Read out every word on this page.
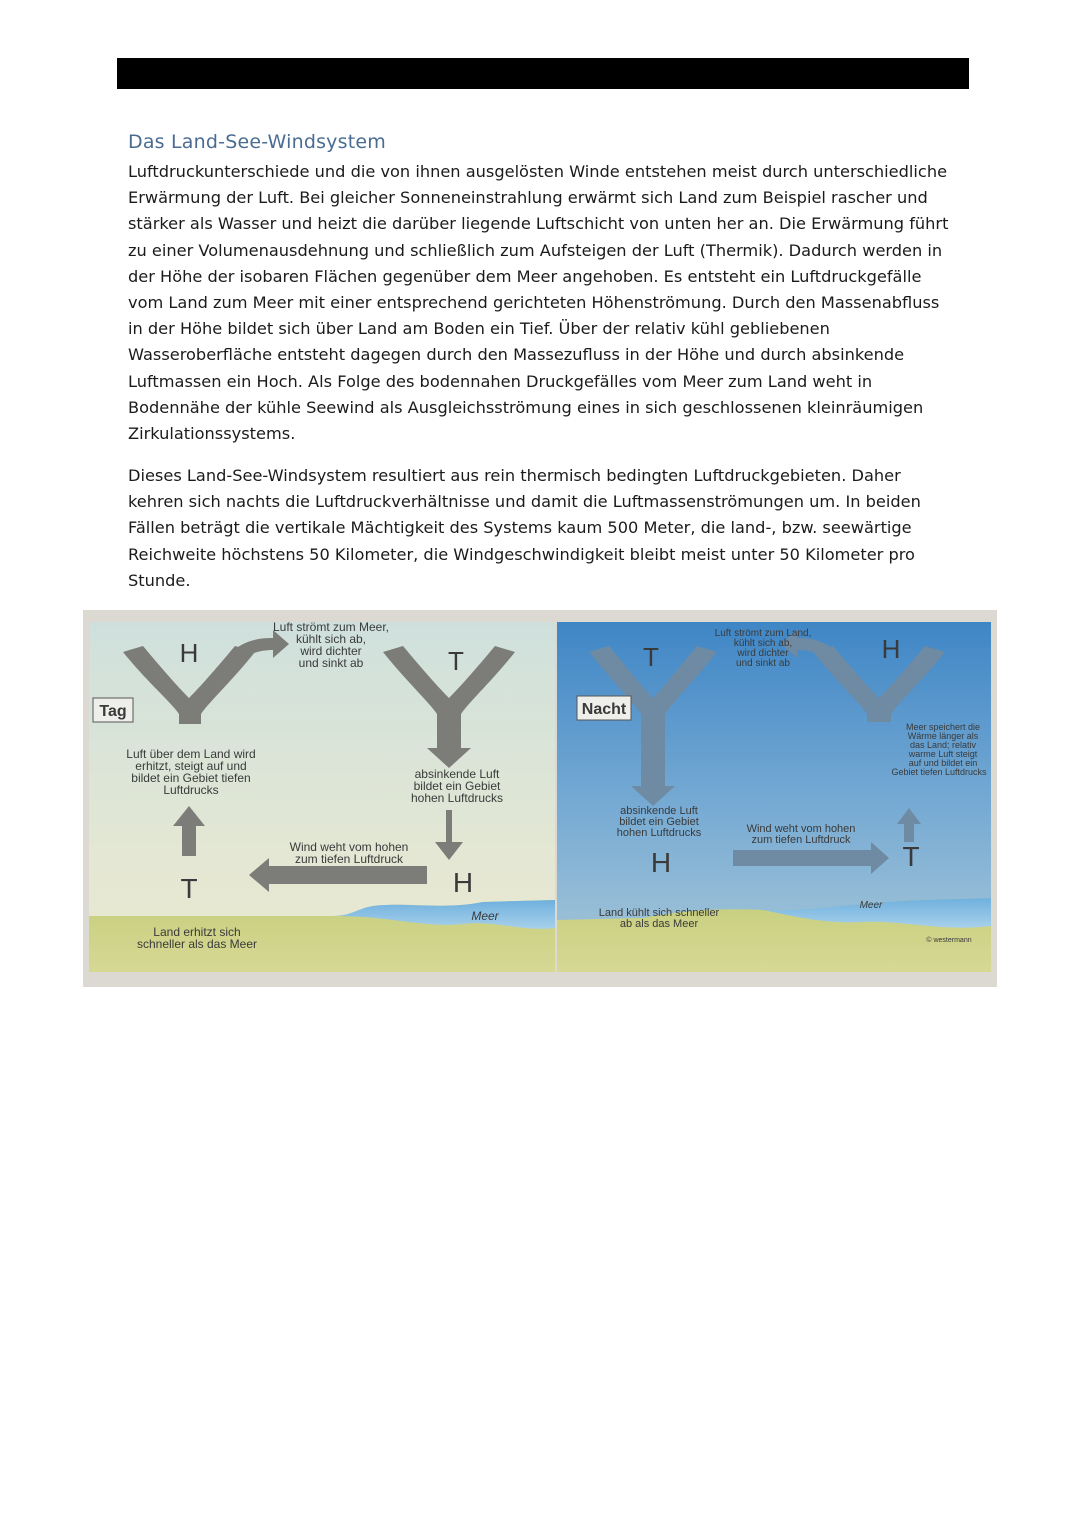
Das Land-See-Windsystem

Luftdruckunterschiede und die von ihnen ausgelösten Winde entstehen meist durch unterschiedliche Erwärmung der Luft. Bei gleicher Sonneneinstrahlung erwärmt sich Land zum Beispiel rascher und stärker als Wasser und heizt die darüber liegende Luftschicht von unten her an. Die Erwärmung führt zu einer Volumenausdehnung und schließlich zum Aufsteigen der Luft (Thermik). Dadurch werden in der Höhe der isobaren Flächen gegenüber dem Meer angehoben. Es entsteht ein Luftdruckgefälle vom Land zum Meer mit einer entsprechend gerichteten Höhenströmung. Durch den Massenabfluss in der Höhe bildet sich über Land am Boden ein Tief. Über der relativ kühl gebliebenen Wasseroberfläche entsteht dagegen durch den Massezufluss in der Höhe und durch absinkende Luftmassen ein Hoch. Als Folge des bodennahen Druckgefälles vom Meer zum Land weht in Bodennähe der kühle Seewind als Ausgleichsströmung eines in sich geschlossenen kleinräumigen Zirkulationssystems.

Dieses Land-See-Windsystem resultiert aus rein thermisch bedingten Luftdruckgebieten. Daher kehren sich nachts die Luftdruckverhältnisse und damit die Luftmassenströmungen um. In beiden Fällen beträgt die vertikale Mächtigkeit des Systems kaum 500 Meter, die land-, bzw. seewärtige Reichweite höchstens 50 Kilometer, die Windgeschwindigkeit bleibt meist unter 50 Kilometer pro Stunde.

H	T
T	H
T	H
H	T
Tag	Nacht
Luft strömt zum Meer,
kühlt sich ab,
wird dichter
und sinkt ab
Luft über dem Land wird
erhitzt, steigt auf und
bildet ein Gebiet tiefen
Luftdrucks
absinkende Luft
bildet ein Gebiet
hohen Luftdrucks
Wind weht vom hohen
zum tiefen Luftdruck
Meer
Land erhitzt sich
schneller als das Meer
Luft strömt zum Land,
kühlt sich ab,
wird dichter
und sinkt ab
absinkende Luft
bildet ein Gebiet
hohen Luftdrucks
Meer speichert die
Wärme länger als
das Land; relativ
warme Luft steigt
auf und bildet ein
Gebiet tiefen Luftdrucks
Wind weht vom hohen
zum tiefen Luftdruck
Meer
Land kühlt sich schneller
ab als das Meer
© westermann
